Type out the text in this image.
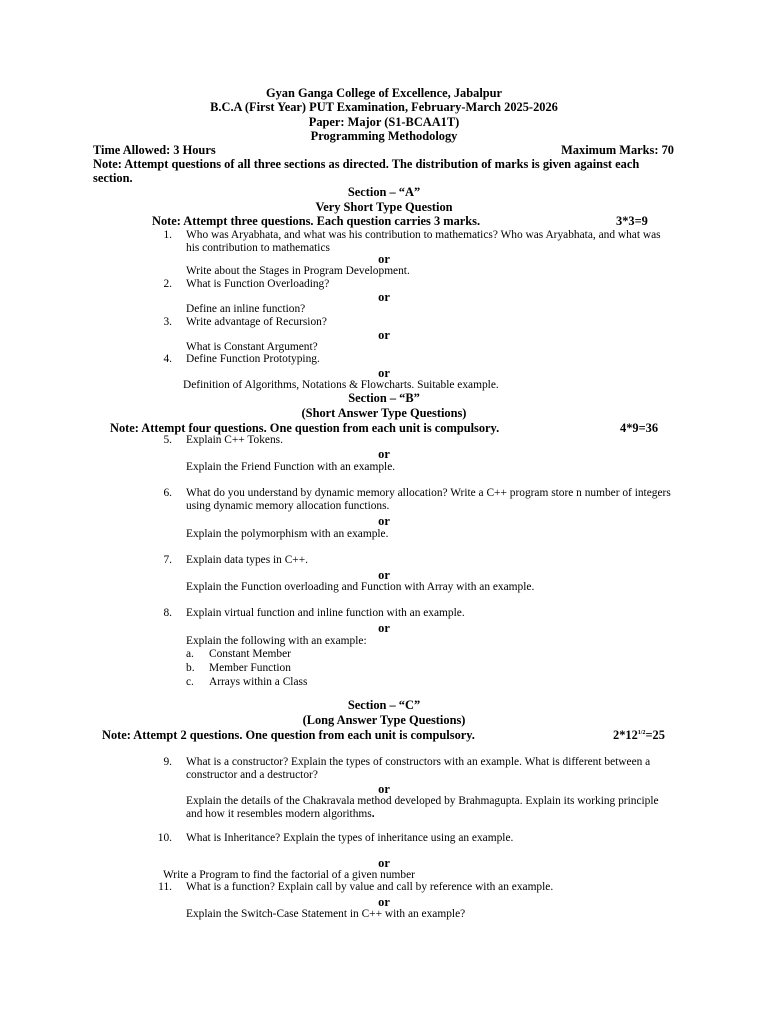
Gyan Ganga College of Excellence, Jabalpur
B.C.A (First Year) PUT Examination, February-March 2025-2026
Paper: Major (S1-BCAA1T)
Programming Methodology
Time Allowed: 3 Hours	Maximum Marks: 70
Note: Attempt questions of all three sections as directed. The distribution of marks is given against each
section.
Section – “A”
Very Short Type Question
Note: Attempt three questions. Each question carries 3 marks.	3*3=9
1. Who was Aryabhata, and what was his contribution to mathematics? Who was Aryabhata, and what was his contribution to mathematics
or
Write about the Stages in Program Development.
2. What is Function Overloading?
or
Define an inline function?
3. Write advantage of Recursion?
or
What is Constant Argument?
4. Define Function Prototyping.
or
Definition of Algorithms, Notations & Flowcharts. Suitable example.
Section – “B”
(Short Answer Type Questions)
Note: Attempt four questions. One question from each unit is compulsory.	4*9=36
5. Explain C++ Tokens.
or
Explain the Friend Function with an example.
6. What do you understand by dynamic memory allocation? Write a C++ program store n number of integers using dynamic memory allocation functions.
or
Explain the polymorphism with an example.
7. Explain data types in C++.
or
Explain the Function overloading and Function with Array with an example.
8. Explain virtual function and inline function with an example.
or
Explain the following with an example:
a. Constant Member
b. Member Function
c. Arrays within a Class
Section – “C”
(Long Answer Type Questions)
Note: Attempt 2 questions. One question from each unit is compulsory.	$2*12^{1/2}=25$
9. What is a constructor? Explain the types of constructors with an example. What is different between a constructor and a destructor?
or
Explain the details of the Chakravala method developed by Brahmagupta. Explain its working principle and how it resembles modern algorithms.
10. What is Inheritance? Explain the types of inheritance using an example.
or
Write a Program to find the factorial of a given number
11. What is a function? Explain call by value and call by reference with an example.
or
Explain the Switch-Case Statement in C++ with an example?
